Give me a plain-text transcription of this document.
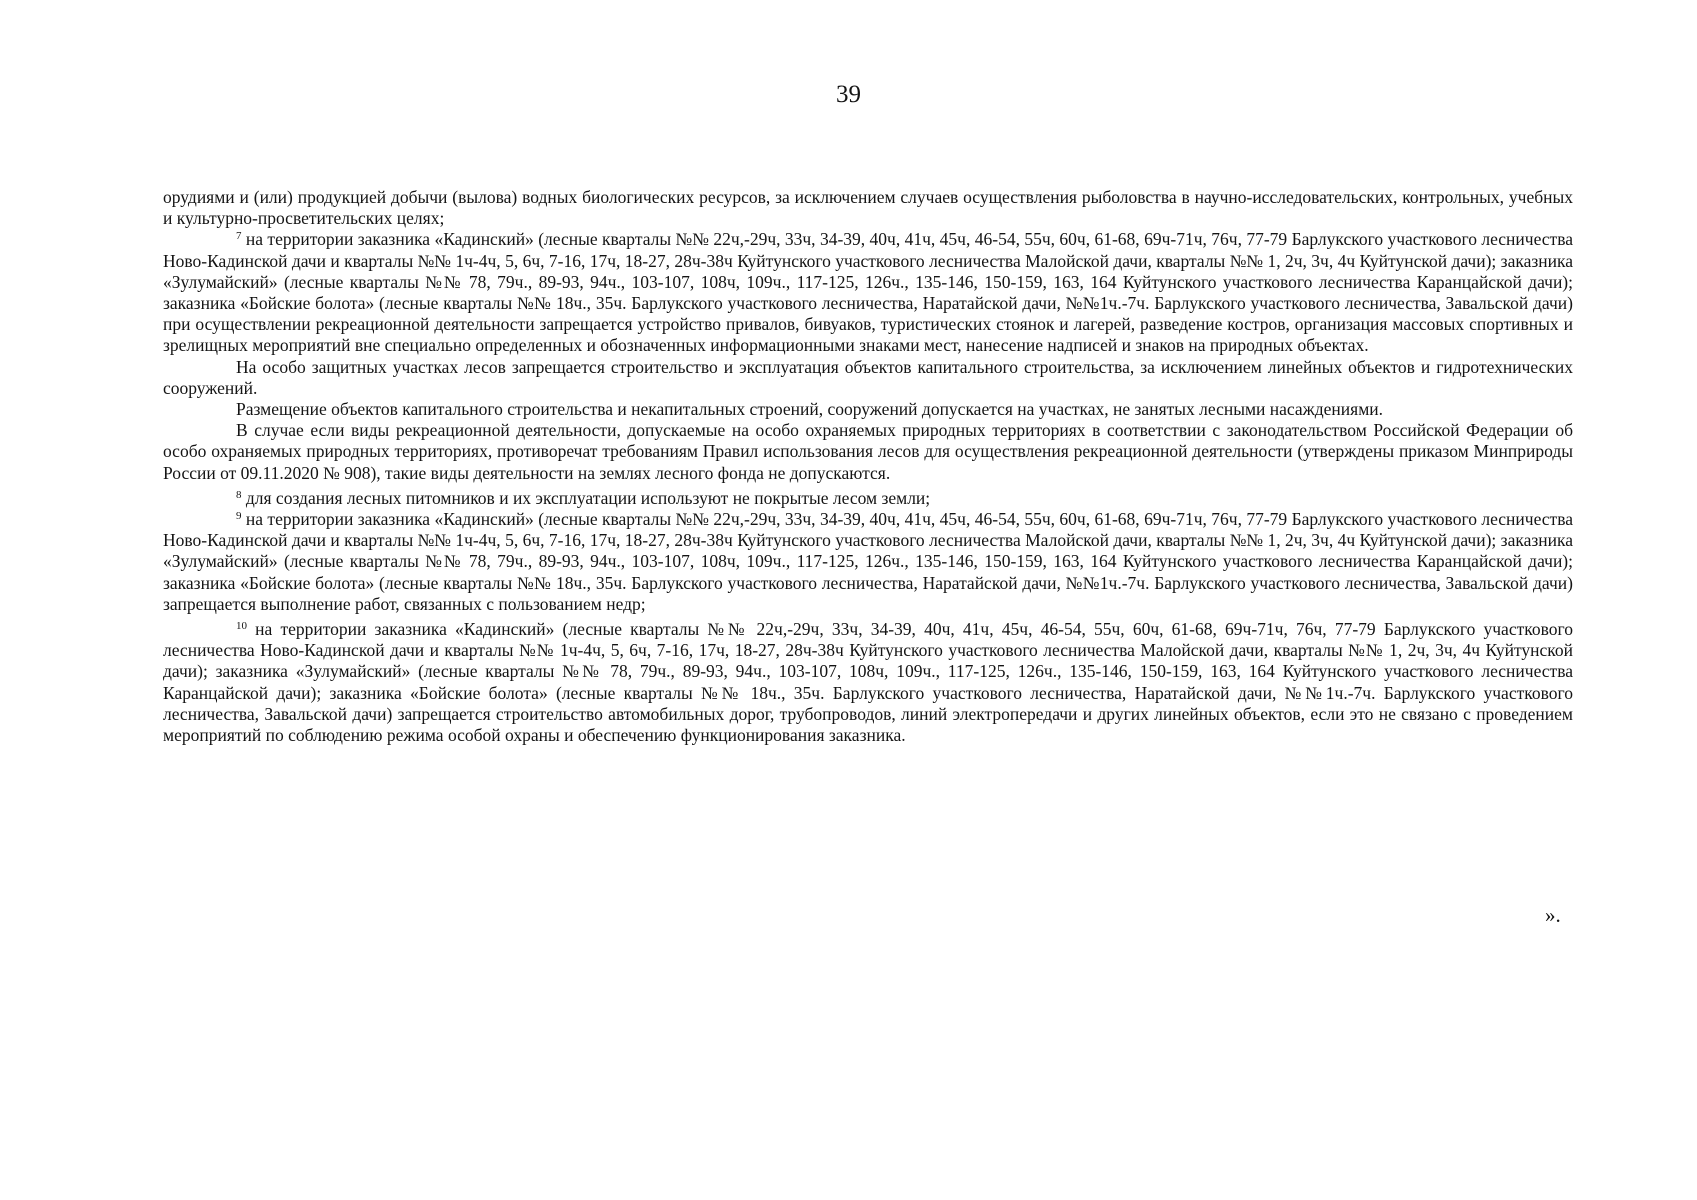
39

орудиями и (или) продукцией добычи (вылова) водных биологических ресурсов, за исключением случаев осуществления рыболовства в научно-исследовательских, контрольных, учебных и культурно-просветительских целях;

$^7$ на территории заказника «Кадинский» (лесные кварталы №№ 22ч,-29ч, 33ч, 34-39, 40ч, 41ч, 45ч, 46-54, 55ч, 60ч, 61-68, 69ч-71ч, 76ч, 77-79 Барлукского участкового лесничества Ново-Кадинской дачи и кварталы №№ 1ч-4ч, 5, 6ч, 7-16, 17ч, 18-27, 28ч-38ч Куйтунского участкового лесничества Малойской дачи, кварталы №№ 1, 2ч, 3ч, 4ч Куйтунской дачи); заказника «Зулумайский» (лесные кварталы №№ 78, 79ч., 89-93, 94ч., 103-107, 108ч, 109ч., 117-125, 126ч., 135-146, 150-159, 163, 164 Куйтунского участкового лесничества Каранцайской дачи); заказника «Бойские болота» (лесные кварталы №№ 18ч., 35ч. Барлукского участкового лесничества, Наратайской дачи, №№1ч.-7ч. Барлукского участкового лесничества, Завальской дачи) при осуществлении рекреационной деятельности запрещается устройство привалов, бивуаков, туристических стоянок и лагерей, разведение костров, организация массовых спортивных и зрелищных мероприятий вне специально определенных и обозначенных информационными знаками мест, нанесение надписей и знаков на природных объектах.

На особо защитных участках лесов запрещается строительство и эксплуатация объектов капитального строительства, за исключением линейных объектов и гидротехнических сооружений.

Размещение объектов капитального строительства и некапитальных строений, сооружений допускается на участках, не занятых лесными насаждениями.

В случае если виды рекреационной деятельности, допускаемые на особо охраняемых природных территориях в соответствии с законодательством Российской Федерации об особо охраняемых природных территориях, противоречат требованиям Правил использования лесов для осуществления рекреационной деятельности (утверждены приказом Минприроды России от 09.11.2020 № 908), такие виды деятельности на землях лесного фонда не допускаются.

$^8$ для создания лесных питомников и их эксплуатации используют не покрытые лесом земли;

$^9$ на территории заказника «Кадинский» (лесные кварталы №№ 22ч,-29ч, 33ч, 34-39, 40ч, 41ч, 45ч, 46-54, 55ч, 60ч, 61-68, 69ч-71ч, 76ч, 77-79 Барлукского участкового лесничества Ново-Кадинской дачи и кварталы №№ 1ч-4ч, 5, 6ч, 7-16, 17ч, 18-27, 28ч-38ч Куйтунского участкового лесничества Малойской дачи, кварталы №№ 1, 2ч, 3ч, 4ч Куйтунской дачи); заказника «Зулумайский» (лесные кварталы №№ 78, 79ч., 89-93, 94ч., 103-107, 108ч, 109ч., 117-125, 126ч., 135-146, 150-159, 163, 164 Куйтунского участкового лесничества Каранцайской дачи); заказника «Бойские болота» (лесные кварталы №№ 18ч., 35ч. Барлукского участкового лесничества, Наратайской дачи, №№1ч.-7ч. Барлукского участкового лесничества, Завальской дачи) запрещается выполнение работ, связанных с пользованием недр;

$^{10}$ на территории заказника «Кадинский» (лесные кварталы №№ 22ч,-29ч, 33ч, 34-39, 40ч, 41ч, 45ч, 46-54, 55ч, 60ч, 61-68, 69ч-71ч, 76ч, 77-79 Барлукского участкового лесничества Ново-Кадинской дачи и кварталы №№ 1ч-4ч, 5, 6ч, 7-16, 17ч, 18-27, 28ч-38ч Куйтунского участкового лесничества Малойской дачи, кварталы №№ 1, 2ч, 3ч, 4ч Куйтунской дачи); заказника «Зулумайский» (лесные кварталы №№ 78, 79ч., 89-93, 94ч., 103-107, 108ч, 109ч., 117-125, 126ч., 135-146, 150-159, 163, 164 Куйтунского участкового лесничества Каранцайской дачи); заказника «Бойские болота» (лесные кварталы №№ 18ч., 35ч. Барлукского участкового лесничества, Наратайской дачи, №№1ч.-7ч. Барлукского участкового лесничества, Завальской дачи) запрещается строительство автомобильных дорог, трубопроводов, линий электропередачи и других линейных объектов, если это не связано с проведением мероприятий по соблюдению режима особой охраны и обеспечению функционирования заказника.

».
